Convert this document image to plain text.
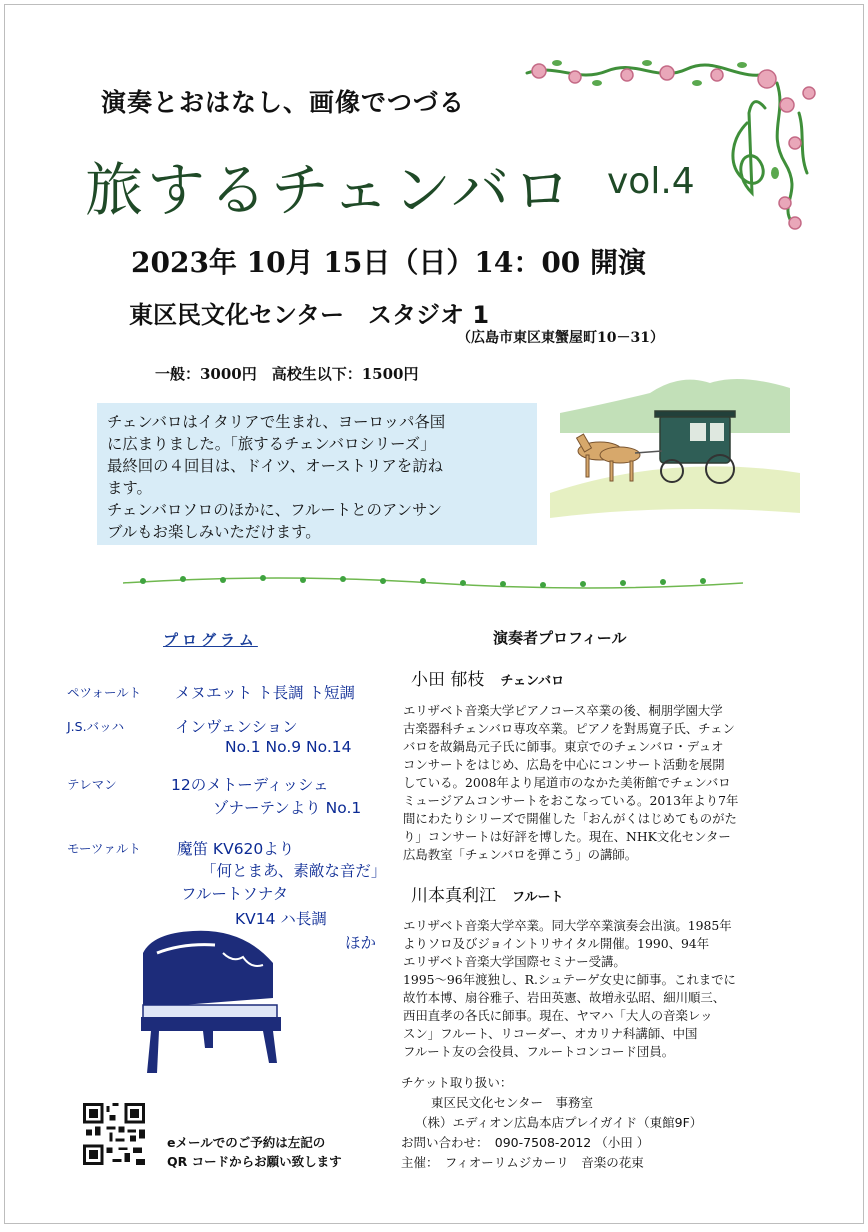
演奏とおはなし、画像でつづる
旅するチェンバロ vol.4
2023年 10月 15日（日）14：00 開演
東区民文化センター　スタジオ 1
（広島市東区東蟹屋町10－31）
一般：3000円　高校生以下：1500円

チェンバロはイタリアで生まれ、ヨーロッパ各国

に広まりました。「旅するチェンバロシリーズ」

最終回の４回目は、ドイツ、オーストリアを訪ね

ます。

チェンバロソロのほかに、フルートとのアンサン

ブルもお楽しみいただけます。

プログラム
ペツォールト メヌエット ト長調 ト短調
J.S.バッハ	インヴェンション
No.1 No.9 No.14
テレマン	12のメトーディッシェ
ゾナーテンより No.1
モーツァルト 魔笛 KV620より
「何とまあ、素敵な音だ」
フルートソナタ
KV14 ハ長調
ほか
演奏者プロフィール
小田 郁枝 チェンバロ

エリザベト音楽大学ピアノコース卒業の後、桐朋学園大学

古楽器科チェンバロ専攻卒業。ピアノを對馬寛子氏、チェン

バロを故鍋島元子氏に師事。東京でのチェンバロ・デュオ

コンサートをはじめ、広島を中心にコンサート活動を展開

している。2008年より尾道市のなかた美術館でチェンバロ

ミュージアムコンサートをおこなっている。2013年より7年

間にわたりシリーズで開催した「おんがくはじめてものがた

り」コンサートは好評を博した。現在、NHK文化センター

広島教室「チェンバロを弾こう」の講師。

川本真利江 フルート

エリザベト音楽大学卒業。同大学卒業演奏会出演。1985年

よりソロ及びジョイントリサイタル開催。1990、94年

エリザベト音楽大学国際セミナー受講。

1995～96年渡独し、R.シュテーゲ女史に師事。これまでに

故竹本博、扇谷雅子、岩田英憲、故増永弘昭、細川順三、

西田直孝の各氏に師事。現在、ヤマハ「大人の音楽レッ

スン」フルート、リコーダー、オカリナ科講師、中国

フルート友の会役員、フルートコンコード団員。

チケット取り扱い：

東区民文化センター　事務室

（株）エディオン広島本店プレイガイド（東館9F）

お問い合わせ：　090-7508-2012 （小田 ）

主催：　フィオーリムジカーリ　音楽の花束

eメールでのご予約は左記の

QR コードからお願い致します
